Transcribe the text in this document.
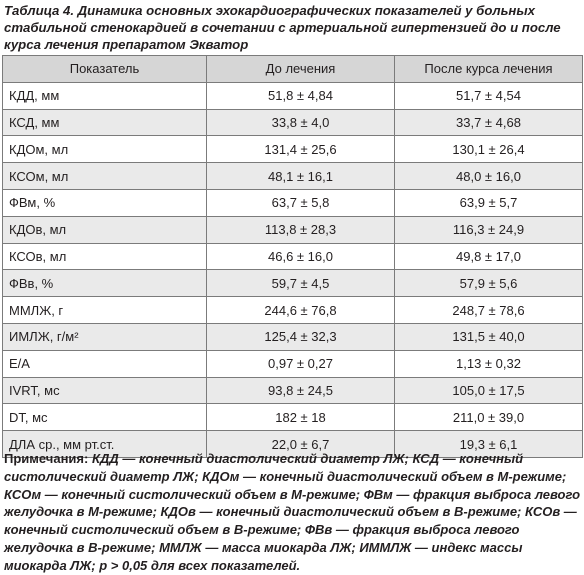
Таблица 4. Динамика основных эхокардиографических показателей у больных стабильной стенокардией в сочетании с артериальной гипертензией до и после курса лечения препаратом Экватор
Показатель	До лечения	После курса лечения
КДД, мм	51,8 ± 4,84	51,7 ± 4,54
КСД, мм	33,8 ± 4,0	33,7 ± 4,68
КДОм, мл	131,4 ± 25,6	130,1 ± 26,4
КСОм, мл	48,1 ± 16,1	48,0 ± 16,0
ФВм, %	63,7 ± 5,8	63,9 ± 5,7
КДОв, мл	113,8 ± 28,3	116,3 ± 24,9
КСОв, мл	46,6 ± 16,0	49,8 ± 17,0
ФВв, %	59,7 ± 4,5	57,9 ± 5,6
ММЛЖ, г	244,6 ± 76,8	248,7 ± 78,6
ИМЛЖ, г/м²	125,4 ± 32,3	131,5 ± 40,0
E/A	0,97 ± 0,27	1,13 ± 0,32
IVRT, мс	93,8 ± 24,5	105,0 ± 17,5
DT, мс	182 ± 18	211,0 ± 39,0
ДЛА ср., мм рт.ст.	22,0 ± 6,7	19,3 ± 6,1
Примечания: КДД — конечный диастолический диаметр ЛЖ; КСД — конечный систолический диаметр ЛЖ; КДОм — конечный диастолический объем в М-режиме; КСОм — конечный систолический объем в М-режиме; ФВм — фракция выброса левого желудочка в М-режиме; КДОв — конечный диастолический объем в В-режиме; КСОв — конечный систолический объем в В-режиме; ФВв — фракция выброса левого желудочка в В-режиме; ММЛЖ — масса миокарда ЛЖ; ИММЛЖ — индекс массы миокарда ЛЖ; р > 0,05 для всех показателей.
